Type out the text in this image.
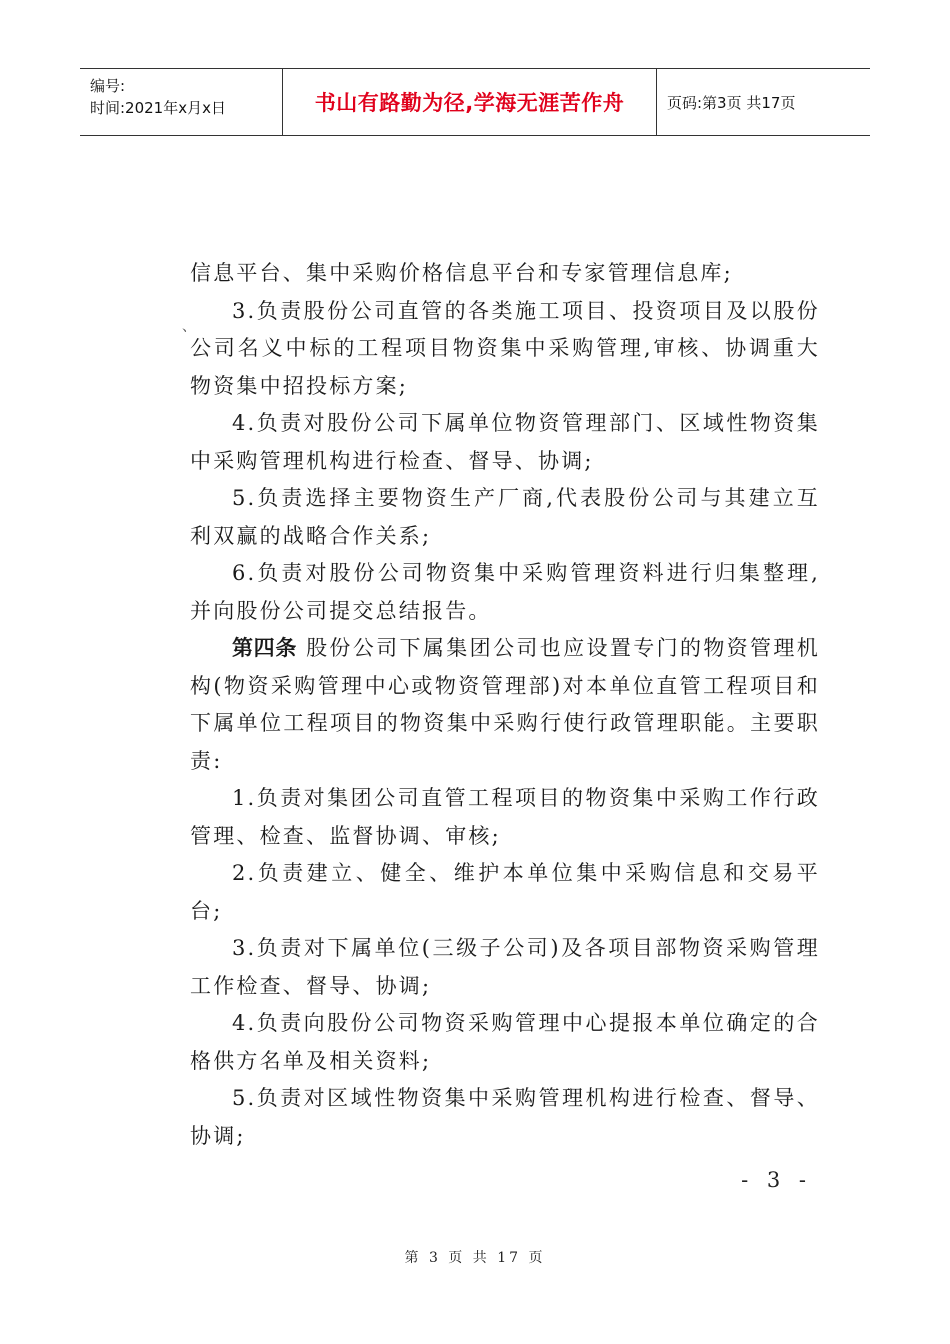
编号:
时间:2021年x月x日	书山有路勤为径,学海无涯苦作舟	页码:第3页 共17页
、

信息平台、集中采购价格信息平台和专家管理信息库;

3.负责股份公司直管的各类施工项目、投资项目及以股份公司名义中标的工程项目物资集中采购管理,审核、协调重大物资集中招投标方案;

4.负责对股份公司下属单位物资管理部门、区域性物资集中采购管理机构进行检查、督导、协调;

5.负责选择主要物资生产厂商,代表股份公司与其建立互利双赢的战略合作关系;

6.负责对股份公司物资集中采购管理资料进行归集整理,并向股份公司提交总结报告。

第四条 股份公司下属集团公司也应设置专门的物资管理机构(物资采购管理中心或物资管理部)对本单位直管工程项目和下属单位工程项目的物资集中采购行使行政管理职能。主要职责:

1.负责对集团公司直管工程项目的物资集中采购工作行政管理、检查、监督协调、审核;

2.负责建立、健全、维护本单位集中采购信息和交易平台;

3.负责对下属单位(三级子公司)及各项目部物资采购管理工作检查、督导、协调;

4.负责向股份公司物资采购管理中心提报本单位确定的合格供方名单及相关资料;

5.负责对区域性物资集中采购管理机构进行检查、督导、协调;

- 3 -
第 3 页 共 17 页
